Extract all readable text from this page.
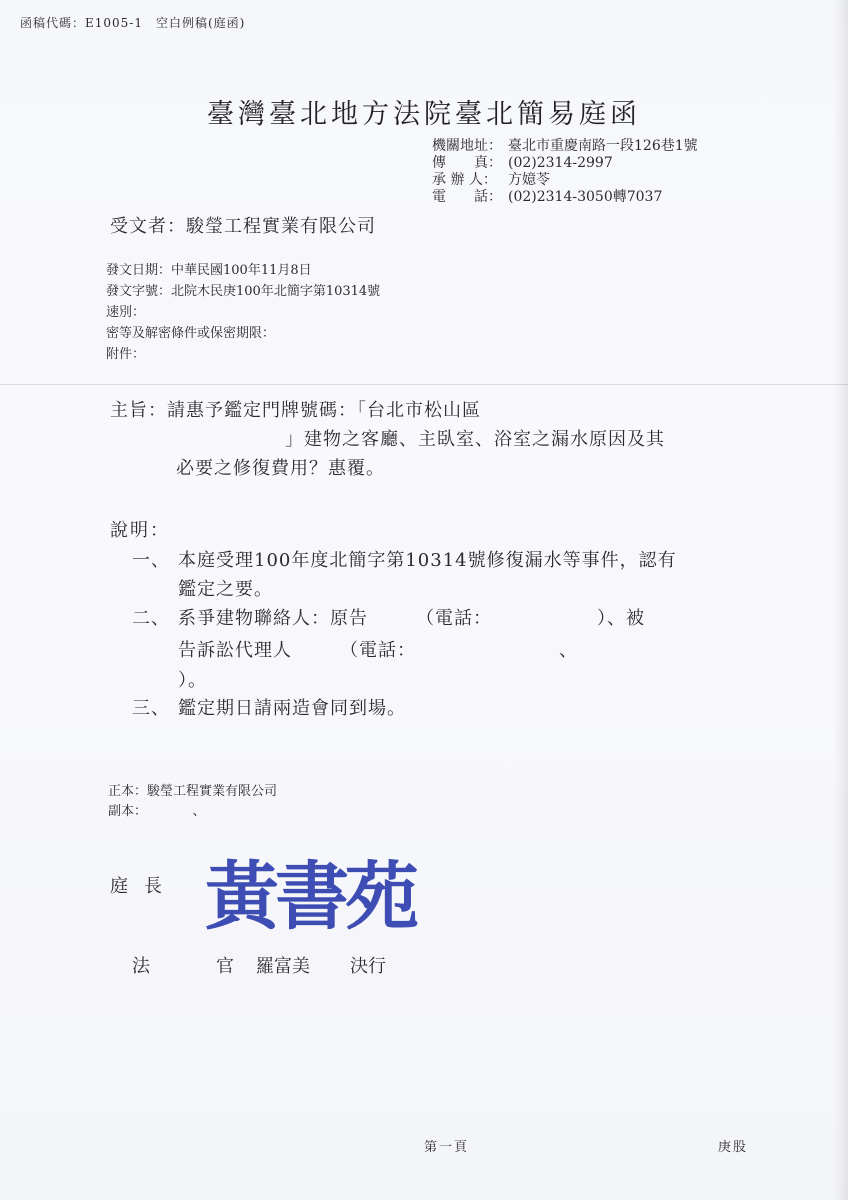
函稿代碼：E1005-1　空白例稿(庭函)
臺灣臺北地方法院臺北簡易庭函
機關地址： 臺北市重慶南路一段126巷1號
傳　　真： (02)2314-2997
承 辦 人： 方嬑苓
電　　話： (02)2314-3050轉7037
受文者：駿瑩工程實業有限公司
發文日期：中華民國100年11月8日
發文字號：北院木民庚100年北簡字第10314號
速別：
密等及解密條件或保密期限：
附件：
主旨：請惠予鑑定門牌號碼：「台北市松山區
」建物之客廳、主臥室、浴室之漏水原因及其
必要之修復費用？惠覆。
說明：
一、 本庭受理100年度北簡字第10314號修復漏水等事件，認有
鑑定之要。
二、 系爭建物聯絡人：原告　　　（電話：　　　　　　）、被
告訴訟代理人　　　（電話：　　　　　　　　、
）。
三、 鑑定期日請兩造會同到場。
正本：駿瑩工程實業有限公司
副本：　　　　、
庭長 黃書苑
法	官 羅富美 決行
第一頁	庚股
